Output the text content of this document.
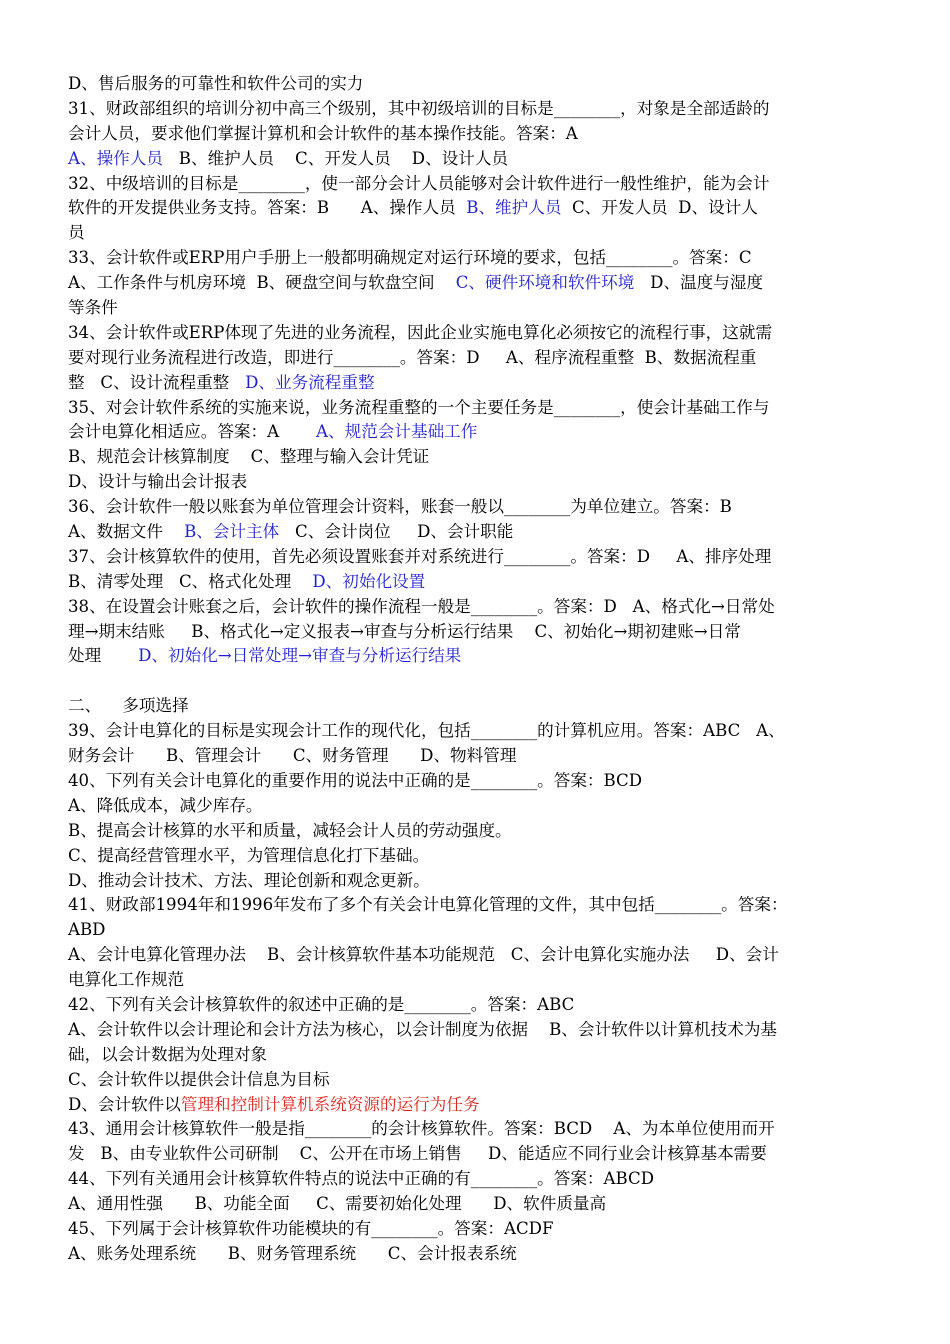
D、售后服务的可靠性和软件公司的实力
31、财政部组织的培训分初中高三个级别，其中初级培训的目标是________，对象是全部适龄的
会计人员，要求他们掌握计算机和会计软件的基本操作技能。答案：A
A、操作人员   B、维护人员    C、开发人员    D、设计人员
32、中级培训的目标是________，使一部分会计人员能够对会计软件进行一般性维护，能为会计
软件的开发提供业务支持。答案：B      A、操作人员  B、维护人员  C、开发人员  D、设计人
员
33、会计软件或ERP用户手册上一般都明确规定对运行环境的要求，包括________。答案：C
A、工作条件与机房环境  B、硬盘空间与软盘空间    C、硬件环境和软件环境   D、温度与湿度
等条件
34、会计软件或ERP体现了先进的业务流程，因此企业实施电算化必须按它的流程行事，这就需
要对现行业务流程进行改造，即进行________。答案：D     A、程序流程重整  B、数据流程重
整   C、设计流程重整   D、业务流程重整
35、对会计软件系统的实施来说，业务流程重整的一个主要任务是________，使会计基础工作与
会计电算化相适应。答案：A       A、规范会计基础工作
B、规范会计核算制度    C、整理与输入会计凭证
D、设计与输出会计报表
36、会计软件一般以账套为单位管理会计资料，账套一般以________为单位建立。答案：B
A、数据文件    B、会计主体   C、会计岗位     D、会计职能
37、会计核算软件的使用，首先必须设置账套并对系统进行________。答案：D     A、排序处理
B、清零处理   C、格式化处理    D、初始化设置
38、在设置会计账套之后，会计软件的操作流程一般是________。答案：D   A、格式化→日常处
理→期末结账     B、格式化→定义报表→审查与分析运行结果    C、初始化→期初建账→日常
处理       D、初始化→日常处理→审查与分析运行结果
二、    多项选择
39、会计电算化的目标是实现会计工作的现代化，包括________的计算机应用。答案：ABC   A、
财务会计      B、管理会计      C、财务管理      D、物料管理
40、下列有关会计电算化的重要作用的说法中正确的是________。答案：BCD
A、降低成本，减少库存。
B、提高会计核算的水平和质量，减轻会计人员的劳动强度。
C、提高经营管理水平，为管理信息化打下基础。
D、推动会计技术、方法、理论创新和观念更新。
41、财政部1994年和1996年发布了多个有关会计电算化管理的文件，其中包括________。答案：
ABD
A、会计电算化管理办法    B、会计核算软件基本功能规范   C、会计电算化实施办法     D、会计
电算化工作规范
42、下列有关会计核算软件的叙述中正确的是________。答案：ABC
A、会计软件以会计理论和会计方法为核心，以会计制度为依据    B、会计软件以计算机技术为基
础，以会计数据为处理对象
C、会计软件以提供会计信息为目标
D、会计软件以管理和控制计算机系统资源的运行为任务
43、通用会计核算软件一般是指________的会计核算软件。答案：BCD    A、为本单位使用而开
发   B、由专业软件公司研制    C、公开在市场上销售     D、能适应不同行业会计核算基本需要
44、下列有关通用会计核算软件特点的说法中正确的有________。答案：ABCD
A、通用性强      B、功能全面     C、需要初始化处理      D、软件质量高
45、下列属于会计核算软件功能模块的有________。答案：ACDF
A、账务处理系统      B、财务管理系统      C、会计报表系统
